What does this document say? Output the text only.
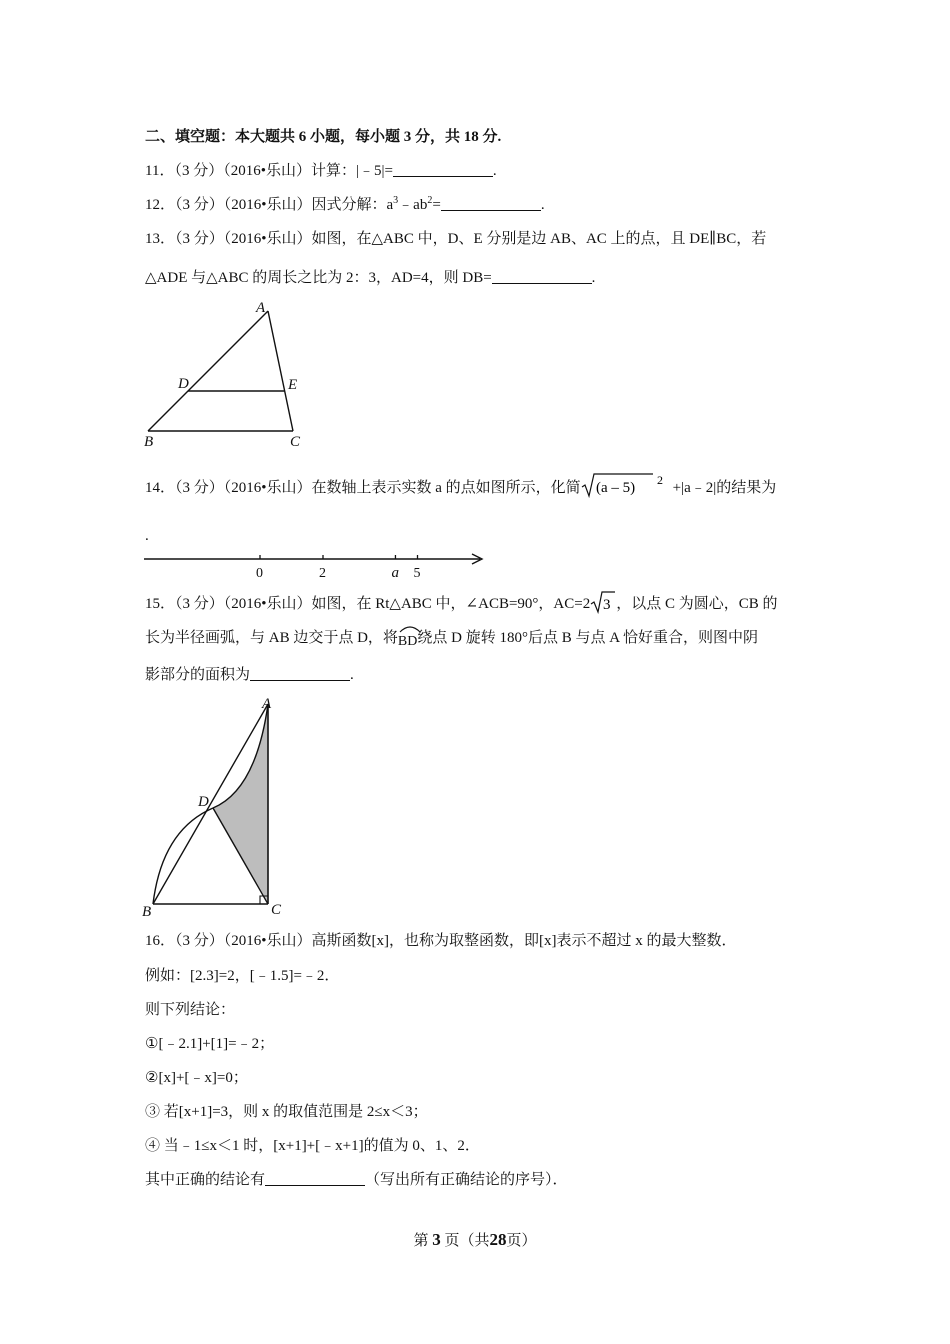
二、填空题：本大题共 6 小题，每小题 3 分，共 18 分.
11．（3 分）（2016•乐山）计算：|﹣5|=	.
12．（3 分）（2016•乐山）因式分解：$a^3﹣ab^2=$	.
13．（3 分）（2016•乐山）如图，在△ABC 中，D、E 分别是边 AB、AC 上的点，且 DE∥BC，若
△ADE 与△ABC 的周长之比为 2：3，AD=4，则 DB=	.
A
D	E
B	C
14．（3 分）（2016•乐山）在数轴上表示实数 a 的点如图所示，化简 (a – 5) 2 +|a﹣2|的结果为
.
0	2	a 5
15．（3 分）（2016•乐山）如图，在 Rt△ABC 中，∠ACB=90°，AC=2 3 ，以点 C 为圆心，CB 的
长为半径画弧，与 AB 边交于点 D，将
BD绕点 D 旋转 180°后点 B 与点 A 恰好重合，则图中阴
影部分的面积为	.
A
D
B	C
16．（3 分）（2016•乐山）高斯函数[x]，也称为取整函数，即[x]表示不超过 x 的最大整数．
例如：[2.3]=2，[﹣1.5]=﹣2．
则下列结论：
①[﹣2.1]+[1]=﹣2；
②[x]+[﹣x]=0；
③ 若[x+1]=3，则 x 的取值范围是 2≤x＜3；
④ 当﹣1≤x＜1 时，[x+1]+[﹣x+1]的值为 0、1、2．
其中正确的结论有	（写出所有正确结论的序号）．
第 3 页（共28页）
